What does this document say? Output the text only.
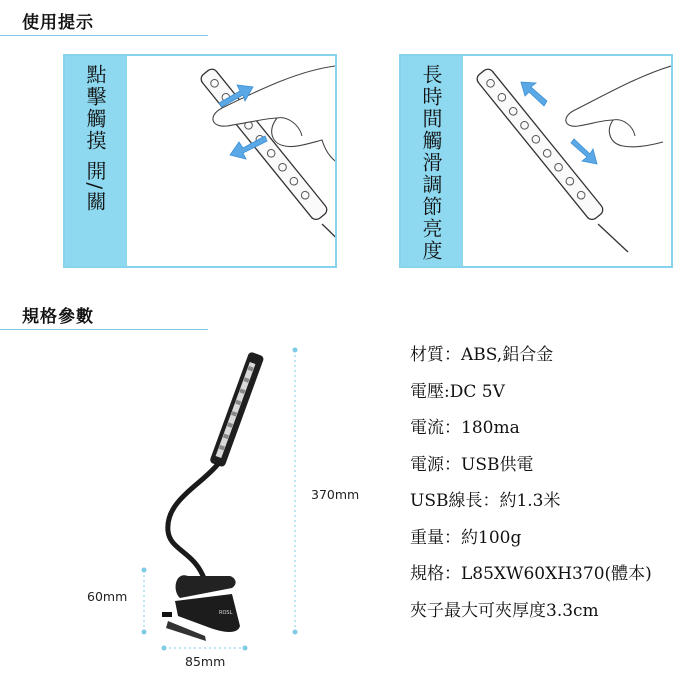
使用提示
點擊觸摸 開/關	長時間觸滑調節亮度
規格參數
ROSL
370mm
60mm
85mm
材質：ABS,鋁合金
電壓:DC 5V
電流：180ma
電源：USB供電
USB線長：約1.3米
重量：約100g
規格：L85XW60XH370(體本)
夾子最大可夾厚度3.3cm
